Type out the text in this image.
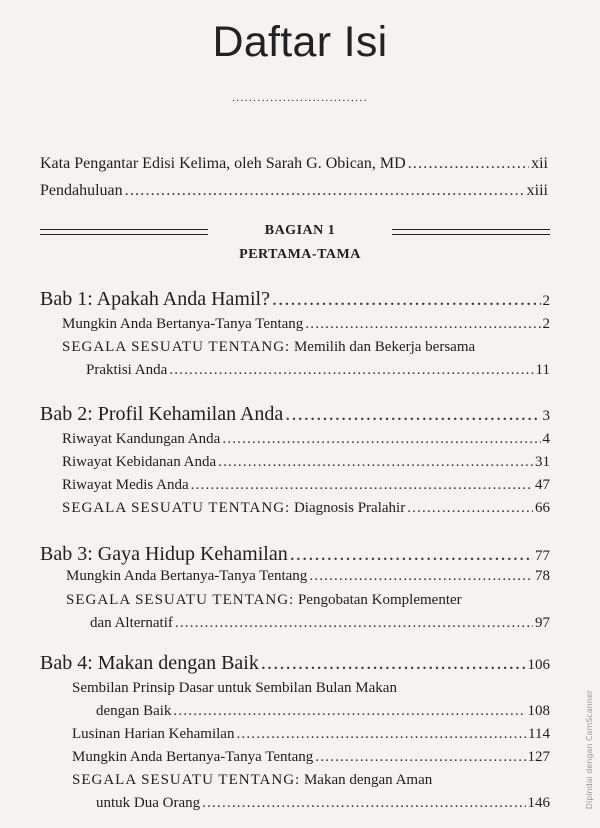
Daftar Isi
................................
Kata Pengantar Edisi Kelima, oleh Sarah G. Obican, MD .....	xii
Pendahuluan .....	xiii
BAGIAN 1
PERTAMA-TAMA
Bab 1: Apakah Anda Hamil? .....	2
Mungkin Anda Bertanya-Tanya Tentang .....	2
SEGALA SESUATU TENTANG: Memilih dan Bekerja bersama
Praktisi Anda .....	11
Bab 2: Profil Kehamilan Anda .....	3
Riwayat Kandungan Anda .....	4
Riwayat Kebidanan Anda .....	31
Riwayat Medis Anda .....	47
SEGALA SESUATU TENTANG: Diagnosis Pralahir .....	66
Bab 3: Gaya Hidup Kehamilan .....	77
Mungkin Anda Bertanya-Tanya Tentang .....	78
SEGALA SESUATU TENTANG: Pengobatan Komplementer
dan Alternatif .....	97
Bab 4: Makan dengan Baik .....	106
Sembilan Prinsip Dasar untuk Sembilan Bulan Makan
dengan Baik .....	108
Lusinan Harian Kehamilan .....	114
Mungkin Anda Bertanya-Tanya Tentang .....	127
SEGALA SESUATU TENTANG: Makan dengan Aman
untuk Dua Orang .....	146	Dipindai dengan CamScanner
